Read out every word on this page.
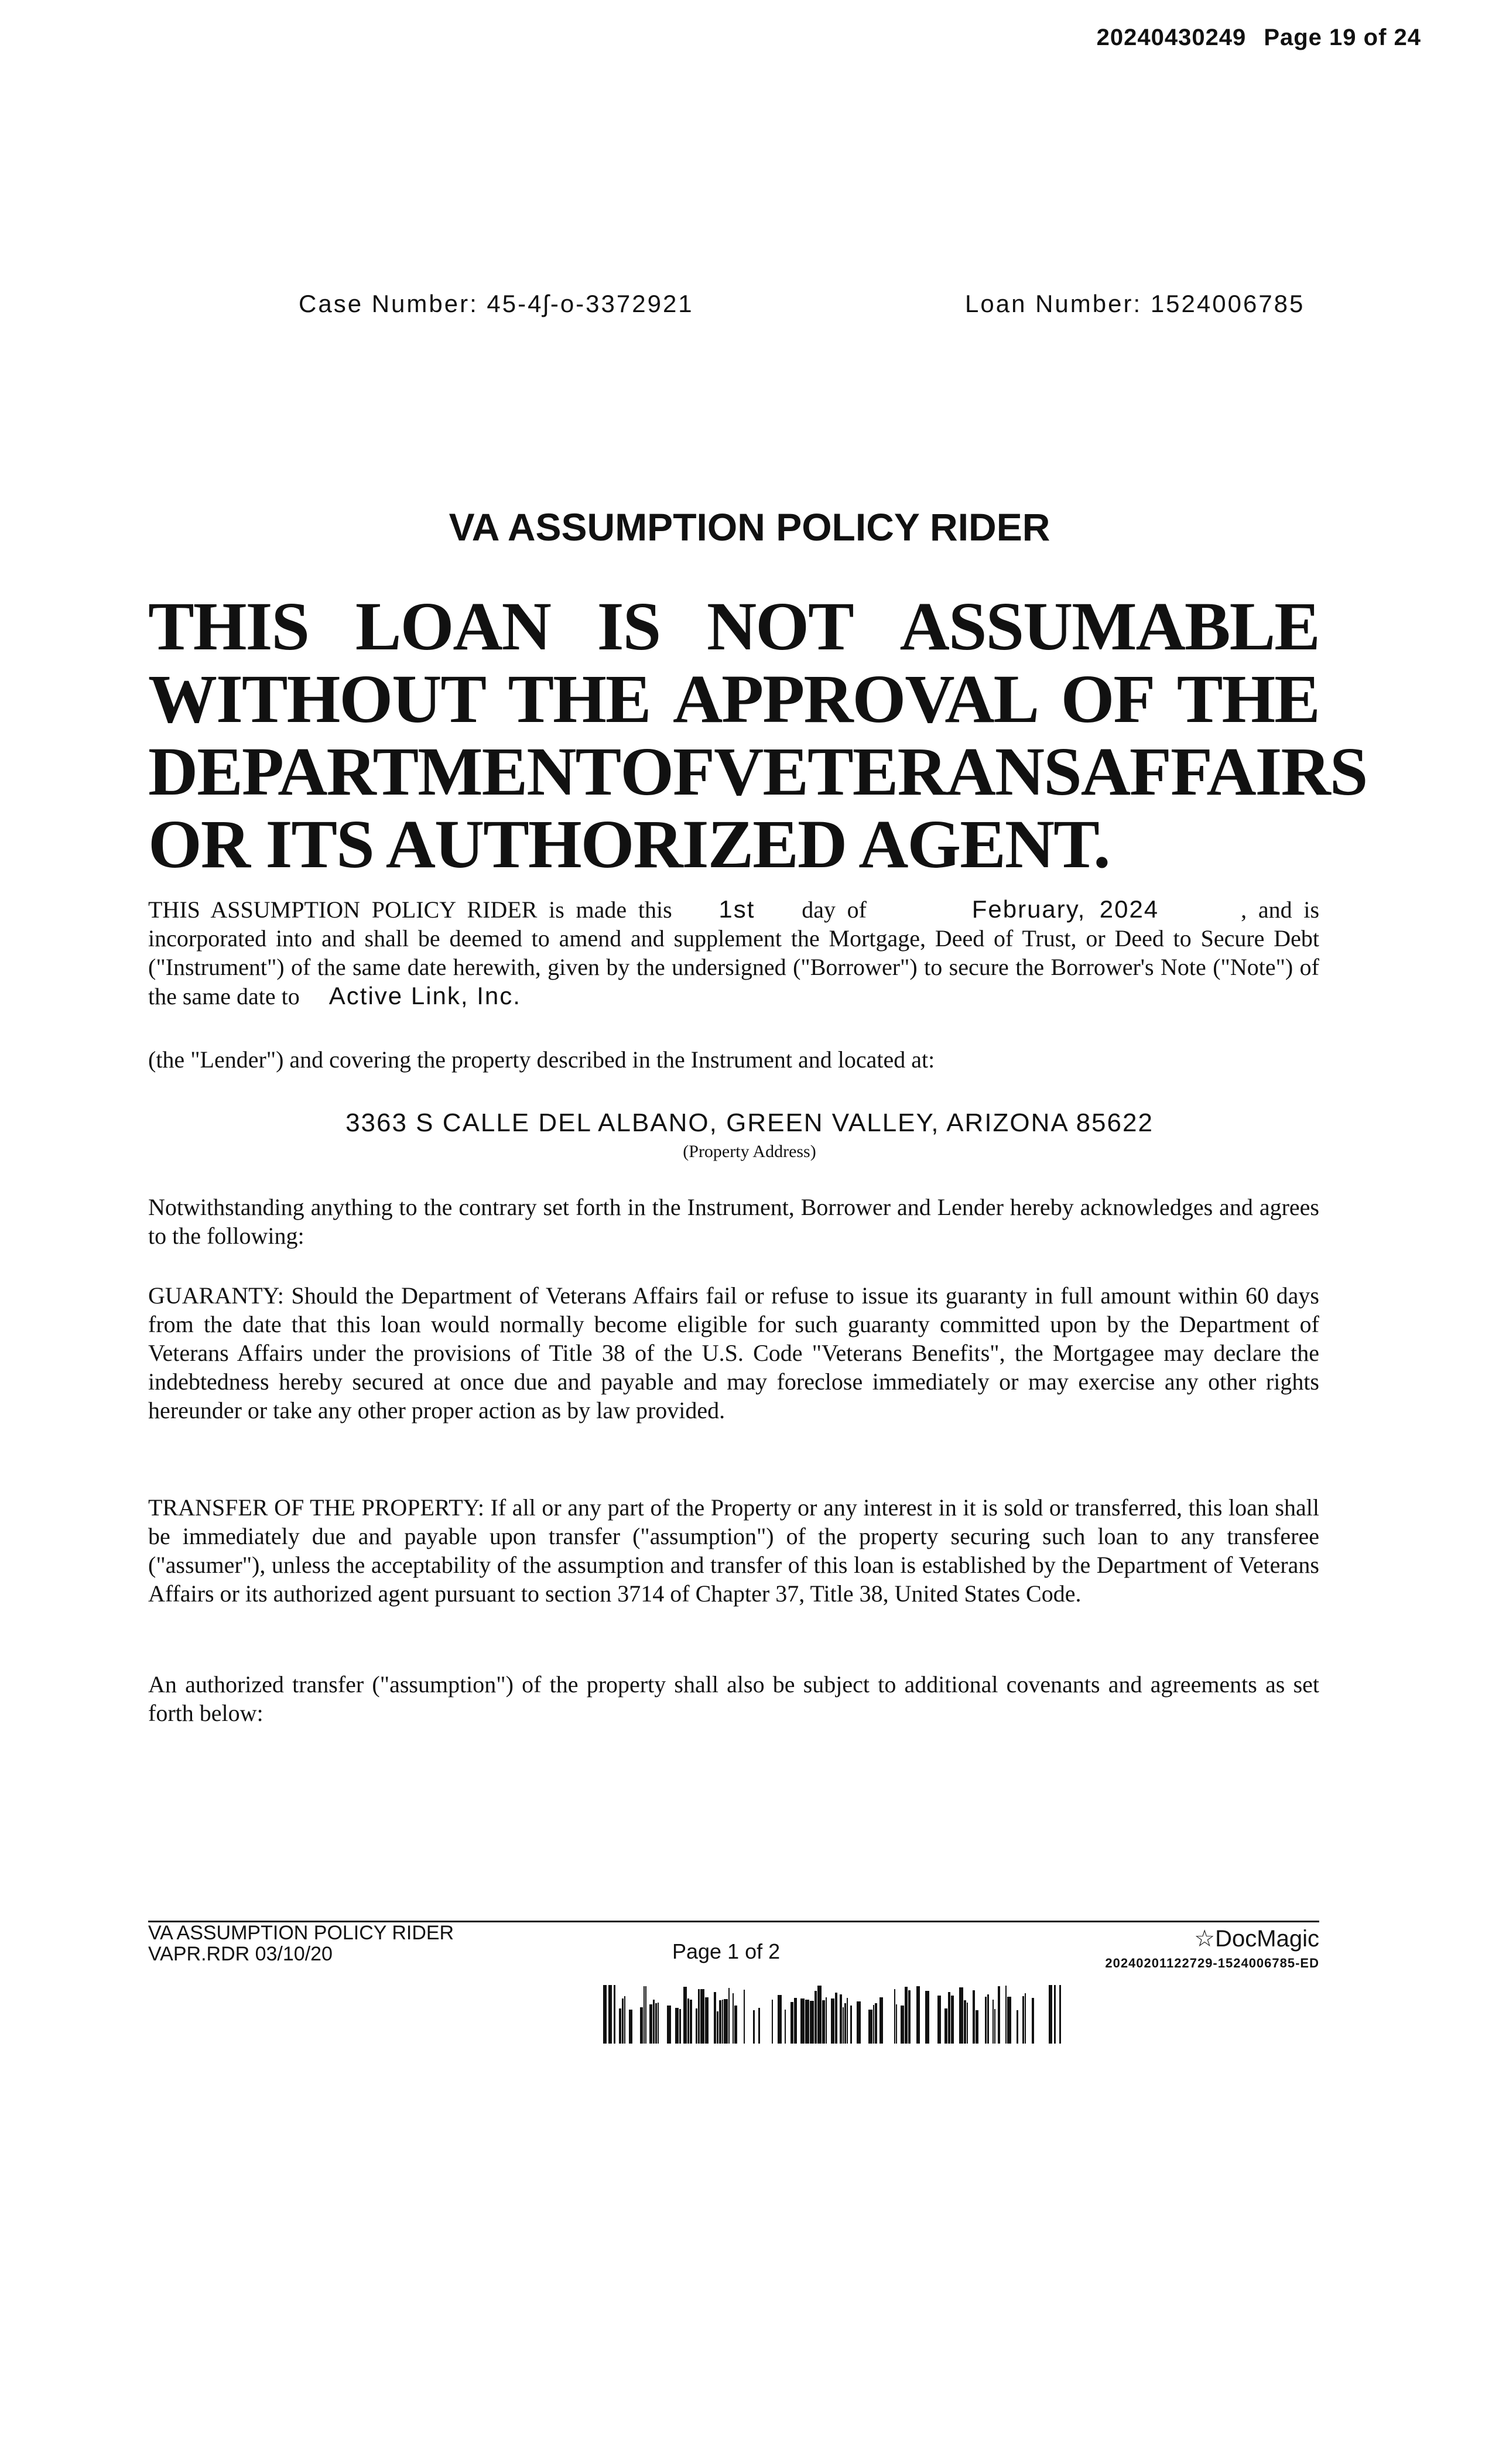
20240430249 Page 19 of 24
Case Number: 45-4ʃ-o-3372921	Loan Number: 1524006785
VA ASSUMPTION POLICY RIDER
THIS LOAN IS NOT ASSUMABLE
WITHOUT THE APPROVAL OF THE
DEPARTMENT OF VETERANS AFFAIRS
OR ITS AUTHORIZED AGENT.
THIS ASSUMPTION POLICY RIDER is made this 1st day of	February, 2024	, and is incorporated into and shall be deemed to amend and supplement the Mortgage, Deed of Trust, or Deed to Secure Debt ("Instrument") of the same date herewith, given by the undersigned ("Borrower") to secure the Borrower's Note ("Note") of the same date to Active Link, Inc.
(the "Lender") and covering the property described in the Instrument and located at:
3363 S CALLE DEL ALBANO, GREEN VALLEY, ARIZONA 85622
(Property Address)
Notwithstanding anything to the contrary set forth in the Instrument, Borrower and Lender hereby acknowledges and agrees to the following:
GUARANTY: Should the Department of Veterans Affairs fail or refuse to issue its guaranty in full amount within 60 days from the date that this loan would normally become eligible for such guaranty committed upon by the Department of Veterans Affairs under the provisions of Title 38 of the U.S. Code "Veterans Benefits", the Mortgagee may declare the indebtedness hereby secured at once due and payable and may foreclose immediately or may exercise any other rights hereunder or take any other proper action as by law provided.
TRANSFER OF THE PROPERTY: If all or any part of the Property or any interest in it is sold or transferred, this loan shall be immediately due and payable upon transfer ("assumption") of the property securing such loan to any transferee ("assumer"), unless the acceptability of the assumption and transfer of this loan is established by the Department of Veterans Affairs or its authorized agent pursuant to section 3714 of Chapter 37, Title 38, United States Code.
An authorized transfer ("assumption") of the property shall also be subject to additional covenants and agreements as set forth below:
VA ASSUMPTION POLICY RIDER
VAPR.RDR 03/10/20	Page 1 of 2	☆DocMagic
20240201122729-1524006785-ED
